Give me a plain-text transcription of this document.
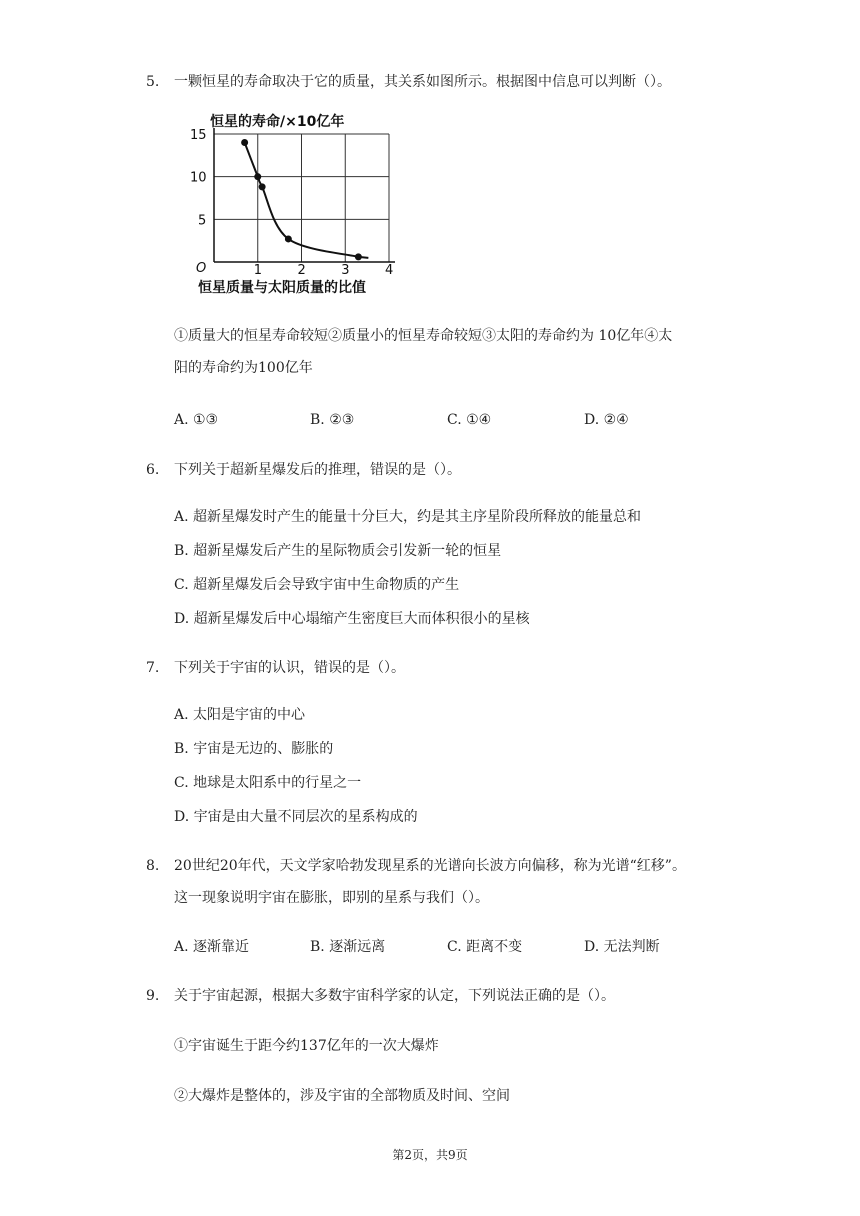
5. 一颗恒星的寿命取决于它的质量，其关系如图所示。根据图中信息可以判断（）。
1	2	3	4
5
10
15
恒星的寿命/×10亿年
O
恒星质量与太阳质量的比值
①质量大的恒星寿命较短②质量小的恒星寿命较短③太阳的寿命约为 10亿年④太
阳的寿命约为100亿年
A. ①③	B. ②③	C. ①④	D. ②④
6. 下列关于超新星爆发后的推理，错误的是（）。
A. 超新星爆发时产生的能量十分巨大，约是其主序星阶段所释放的能量总和
B. 超新星爆发后产生的星际物质会引发新一轮的恒星
C. 超新星爆发后会导致宇宙中生命物质的产生
D. 超新星爆发后中心塌缩产生密度巨大而体积很小的星核
7. 下列关于宇宙的认识，错误的是（）。
A. 太阳是宇宙的中心
B. 宇宙是无边的、膨胀的
C. 地球是太阳系中的行星之一
D. 宇宙是由大量不同层次的星系构成的
8. 20世纪20年代，天文学家哈勃发现星系的光谱向长波方向偏移，称为光谱“红移”。
这一现象说明宇宙在膨胀，即别的星系与我们（）。
A. 逐渐靠近	B. 逐渐远离	C. 距离不变	D. 无法判断
9. 关于宇宙起源，根据大多数宇宙科学家的认定，下列说法正确的是（）。
①宇宙诞生于距今约137亿年的一次大爆炸
②大爆炸是整体的，涉及宇宙的全部物质及时间、空间
第2页，共9页
